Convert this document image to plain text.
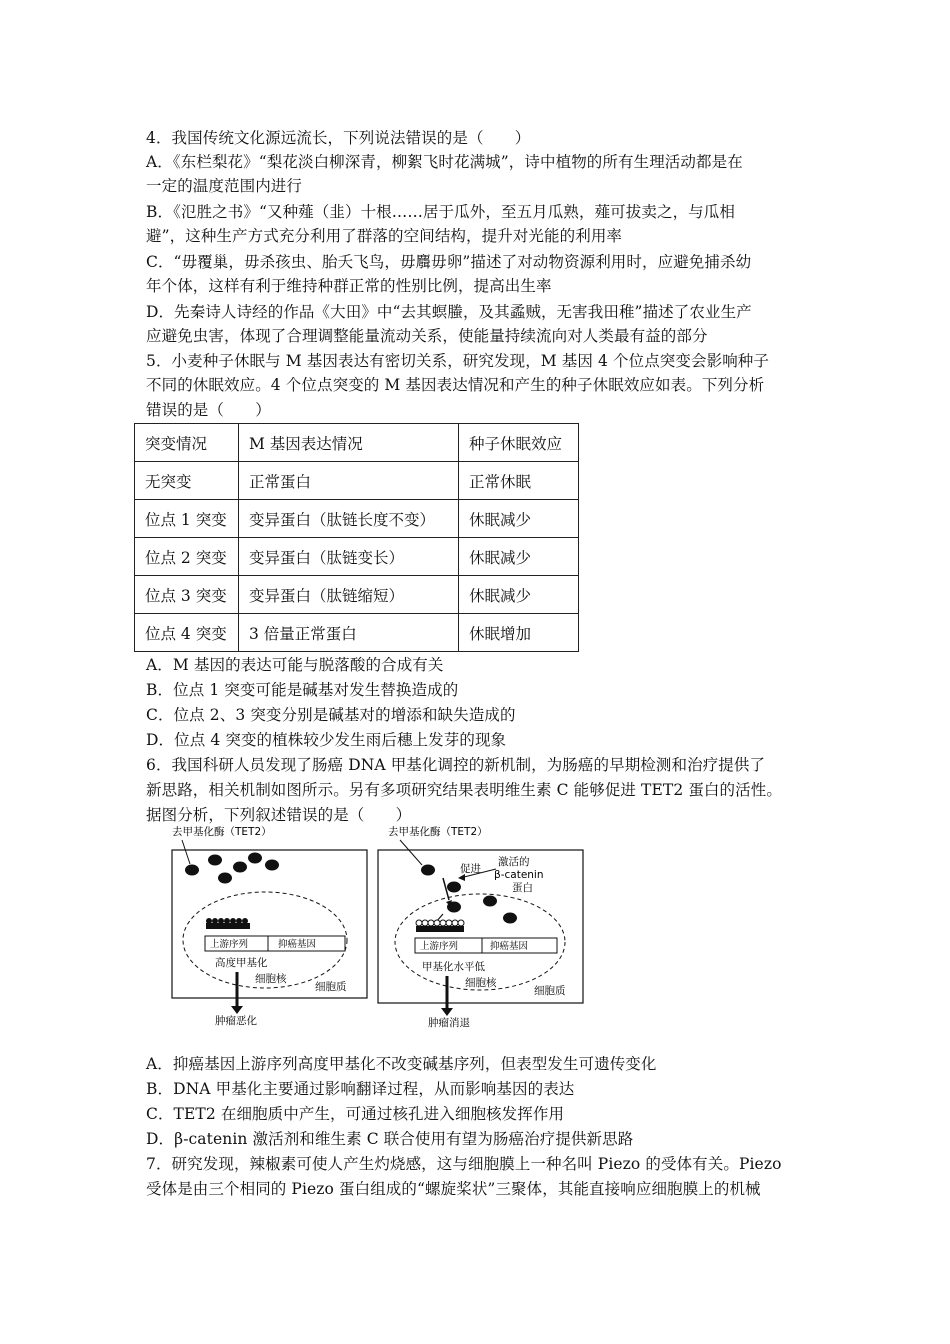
4．我国传统文化源远流长，下列说法错误的是（　　）
A．《东栏梨花》“梨花淡白柳深青，柳絮飞时花满城”，诗中植物的所有生理活动都是在
一定的温度范围内进行
B．《氾胜之书》“又种薤（韭）十根……居于瓜外，至五月瓜熟，薤可拔卖之，与瓜相
避”，这种生产方式充分利用了群落的空间结构，提升对光能的利用率
C．“毋覆巢，毋杀孩虫、胎夭飞鸟，毋麛毋卵”描述了对动物资源利用时，应避免捕杀幼
年个体，这样有利于维持种群正常的性别比例，提高出生率
D．先秦诗人诗经的作品《大田》中“去其螟螣，及其蟊贼，无害我田稚”描述了农业生产
应避免虫害，体现了合理调整能量流动关系，使能量持续流向对人类最有益的部分
5．小麦种子休眠与 M 基因表达有密切关系，研究发现，M 基因 4 个位点突变会影响种子
不同的休眠效应。4 个位点突变的 M 基因表达情况和产生的种子休眠效应如表。下列分析
错误的是（　　）
突变情况	M 基因表达情况	种子休眠效应
无突变	正常蛋白	正常休眠
位点 1 突变	变异蛋白（肽链长度不变）	休眠减少
位点 2 突变	变异蛋白（肽链变长）	休眠减少
位点 3 突变	变异蛋白（肽链缩短）	休眠减少
位点 4 突变	3 倍量正常蛋白	休眠增加
A．M 基因的表达可能与脱落酸的合成有关
B．位点 1 突变可能是碱基对发生替换造成的
C．位点 2、3 突变分别是碱基对的增添和缺失造成的
D．位点 4 突变的植株较少发生雨后穗上发芽的现象
6．我国科研人员发现了肠癌 DNA 甲基化调控的新机制，为肠癌的早期检测和治疗提供了
新思路，相关机制如图所示。另有多项研究结果表明维生素 C 能够促进 TET2 蛋白的活性。
据图分析，下列叙述错误的是（　　）
去甲基化酶（TET2）
上游序列	抑癌基因
高度甲基化
细胞核
细胞质
肿瘤恶化
去甲基化酶（TET2）
促进
激活的
β-catenin
蛋白
上游序列	抑癌基因
甲基化水平低
细胞核
细胞质
肿瘤消退
A．抑癌基因上游序列高度甲基化不改变碱基序列，但表型发生可遗传变化
B．DNA 甲基化主要通过影响翻译过程，从而影响基因的表达
C．TET2 在细胞质中产生，可通过核孔进入细胞核发挥作用
D．β-catenin 激活剂和维生素 C 联合使用有望为肠癌治疗提供新思路
7．研究发现，辣椒素可使人产生灼烧感，这与细胞膜上一种名叫 Piezo 的受体有关。Piezo
受体是由三个相同的 Piezo 蛋白组成的“螺旋桨状”三聚体，其能直接响应细胞膜上的机械
